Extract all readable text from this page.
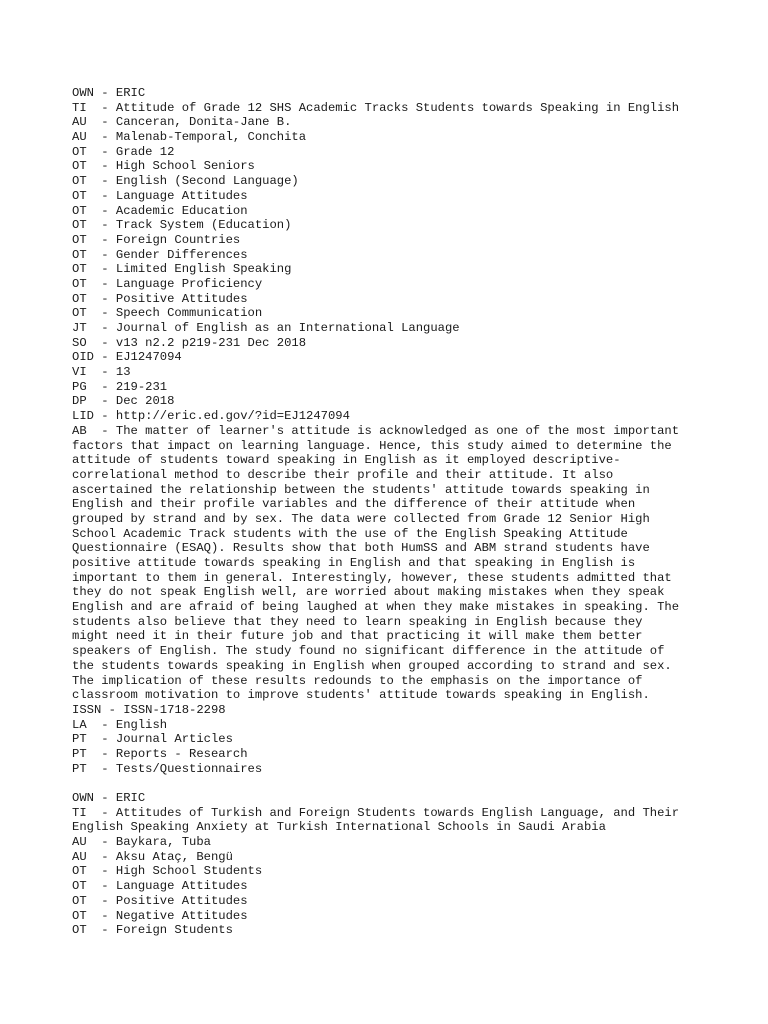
OWN - ERIC
TI  - Attitude of Grade 12 SHS Academic Tracks Students towards Speaking in English
AU  - Canceran, Donita-Jane B.
AU  - Malenab-Temporal, Conchita
OT  - Grade 12
OT  - High School Seniors
OT  - English (Second Language)
OT  - Language Attitudes
OT  - Academic Education
OT  - Track System (Education)
OT  - Foreign Countries
OT  - Gender Differences
OT  - Limited English Speaking
OT  - Language Proficiency
OT  - Positive Attitudes
OT  - Speech Communication
JT  - Journal of English as an International Language
SO  - v13 n2.2 p219-231 Dec 2018
OID - EJ1247094
VI  - 13
PG  - 219-231
DP  - Dec 2018
LID - http://eric.ed.gov/?id=EJ1247094
AB  - The matter of learner's attitude is acknowledged as one of the most important
factors that impact on learning language. Hence, this study aimed to determine the
attitude of students toward speaking in English as it employed descriptive-
correlational method to describe their profile and their attitude. It also
ascertained the relationship between the students' attitude towards speaking in
English and their profile variables and the difference of their attitude when
grouped by strand and by sex. The data were collected from Grade 12 Senior High
School Academic Track students with the use of the English Speaking Attitude
Questionnaire (ESAQ). Results show that both HumSS and ABM strand students have
positive attitude towards speaking in English and that speaking in English is
important to them in general. Interestingly, however, these students admitted that
they do not speak English well, are worried about making mistakes when they speak
English and are afraid of being laughed at when they make mistakes in speaking. The
students also believe that they need to learn speaking in English because they
might need it in their future job and that practicing it will make them better
speakers of English. The study found no significant difference in the attitude of
the students towards speaking in English when grouped according to strand and sex.
The implication of these results redounds to the emphasis on the importance of
classroom motivation to improve students' attitude towards speaking in English.
ISSN - ISSN-1718-2298
LA  - English
PT  - Journal Articles
PT  - Reports - Research
PT  - Tests/Questionnaires
OWN - ERIC
TI  - Attitudes of Turkish and Foreign Students towards English Language, and Their
English Speaking Anxiety at Turkish International Schools in Saudi Arabia
AU  - Baykara, Tuba
AU  - Aksu Ataç, Bengü
OT  - High School Students
OT  - Language Attitudes
OT  - Positive Attitudes
OT  - Negative Attitudes
OT  - Foreign Students
